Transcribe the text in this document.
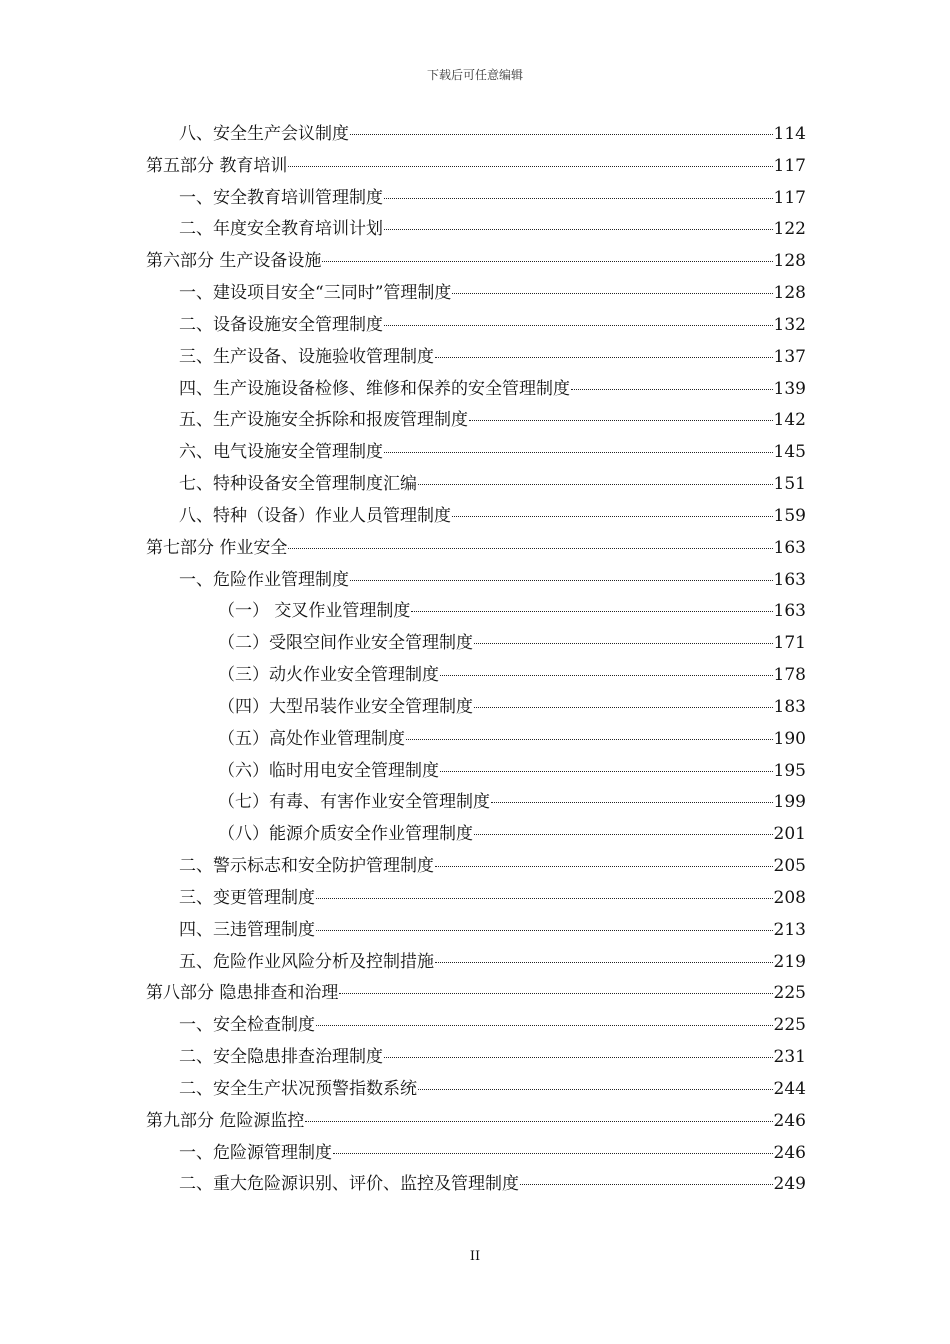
下载后可任意编辑
八、安全生产会议制度	114
第五部分 教育培训	117
一、安全教育培训管理制度	117
二、年度安全教育培训计划	122
第六部分 生产设备设施	128
一、建设项目安全“三同时”管理制度	128
二、设备设施安全管理制度	132
三、生产设备、设施验收管理制度	137
四、生产设施设备检修、维修和保养的安全管理制度	139
五、生产设施安全拆除和报废管理制度	142
六、电气设施安全管理制度	145
七、特种设备安全管理制度汇编	151
八、特种（设备）作业人员管理制度	159
第七部分 作业安全	163
一、危险作业管理制度	163
（一） 交叉作业管理制度	163
（二）受限空间作业安全管理制度	171
（三）动火作业安全管理制度	178
（四）大型吊装作业安全管理制度	183
（五）高处作业管理制度	190
（六）临时用电安全管理制度	195
（七）有毒、有害作业安全管理制度	199
（八）能源介质安全作业管理制度	201
二、警示标志和安全防护管理制度	205
三、变更管理制度	208
四、三违管理制度	213
五、危险作业风险分析及控制措施	219
第八部分 隐患排查和治理	225
一、安全检查制度	225
二、安全隐患排查治理制度	231
二、安全生产状况预警指数系统	244
第九部分 危险源监控	246
一、危险源管理制度	246
二、重大危险源识别、评价、监控及管理制度	249
II
